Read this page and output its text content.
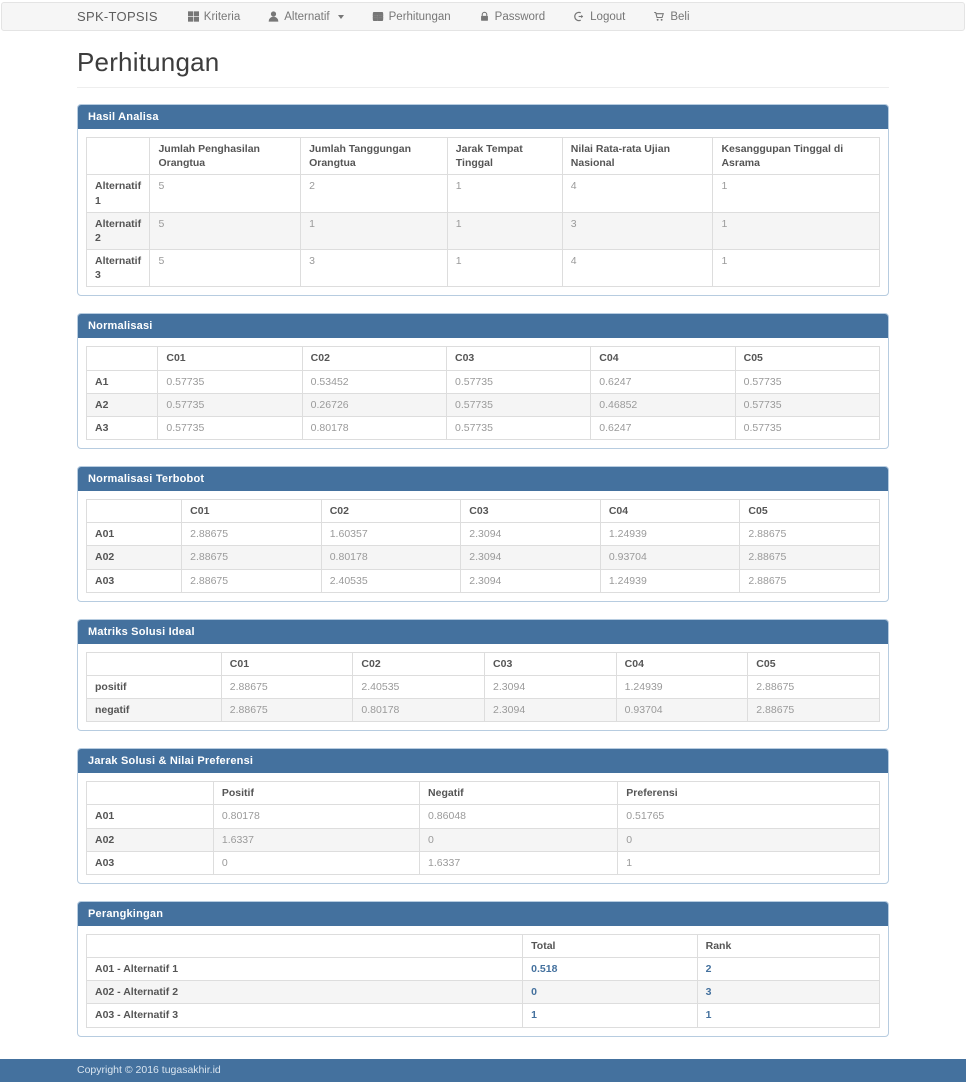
SPK-TOPSIS	Kriteria	Alternatif	Perhitungan	Password	Logout	Beli
Perhitungan
Hasil Analisa
	Jumlah Penghasilan Orangtua	Jumlah Tanggungan Orangtua	Jarak Tempat Tinggal	Nilai Rata-rata Ujian Nasional	Kesanggupan Tinggal di Asrama
Alternatif 1	5	2	1	4	1
Alternatif 2	5	1	1	3	1
Alternatif 3	5	3	1	4	1
Normalisasi
	C01	C02	C03	C04	C05
A1	0.57735	0.53452	0.57735	0.6247	0.57735
A2	0.57735	0.26726	0.57735	0.46852	0.57735
A3	0.57735	0.80178	0.57735	0.6247	0.57735
Normalisasi Terbobot
	C01	C02	C03	C04	C05
A01	2.88675	1.60357	2.3094	1.24939	2.88675
A02	2.88675	0.80178	2.3094	0.93704	2.88675
A03	2.88675	2.40535	2.3094	1.24939	2.88675
Matriks Solusi Ideal
	C01	C02	C03	C04	C05
positif	2.88675	2.40535	2.3094	1.24939	2.88675
negatif	2.88675	0.80178	2.3094	0.93704	2.88675
Jarak Solusi & Nilai Preferensi
	Positif	Negatif	Preferensi
A01	0.80178	0.86048	0.51765
A02	1.6337	0	0
A03	0	1.6337	1
Perangkingan
	Total	Rank
A01 - Alternatif 1	0.518	2
A02 - Alternatif 2	0	3
A03 - Alternatif 3	1	1
Copyright © 2016 tugasakhir.id
